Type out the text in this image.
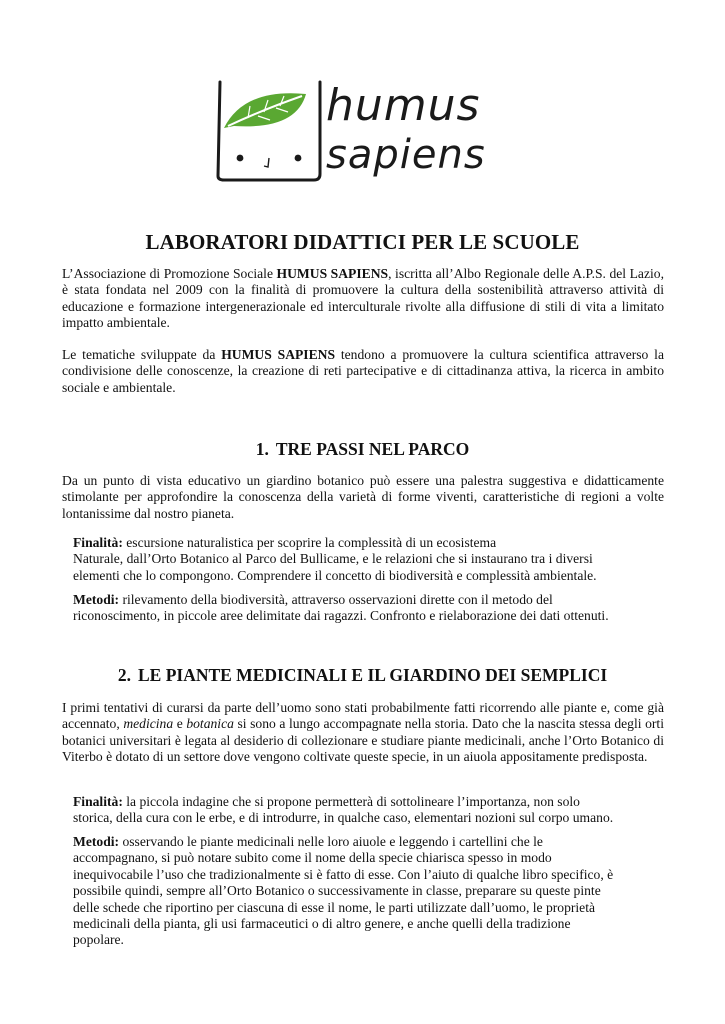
humus
sapiens
LABORATORI DIDATTICI PER LE SCUOLE

L’Associazione di Promozione Sociale HUMUS SAPIENS, iscritta all’Albo Regionale delle A.P.S. del Lazio, è stata fondata nel 2009 con la finalità di promuovere la cultura della sostenibilità attraverso attività di educazione e formazione intergenerazionale ed interculturale rivolte alla diffusione di stili di vita a limitato impatto ambientale.

Le tematiche sviluppate da HUMUS SAPIENS tendono a promuovere la cultura scientifica attraverso la condivisione delle conoscenze, la creazione di reti partecipative e di cittadinanza attiva, la ricerca in ambito sociale e ambientale.

1. TRE PASSI NEL PARCO

Da un punto di vista educativo un giardino botanico può essere una palestra suggestiva e didatticamente stimolante per approfondire la conoscenza della varietà di forme viventi, caratteristiche di regioni a volte lontanissime dal nostro pianeta.

Finalità: escursione naturalistica per scoprire la complessità di un ecosistema
Naturale, dall’Orto Botanico al Parco del Bullicame, e le relazioni che si instaurano tra i diversi
elementi che lo compongono. Comprendere il concetto di biodiversità e complessità ambientale.

Metodi: rilevamento della biodiversità, attraverso osservazioni dirette con il metodo del
riconoscimento, in piccole aree delimitate dai ragazzi. Confronto e rielaborazione dei dati ottenuti.

2. LE PIANTE MEDICINALI E IL GIARDINO DEI SEMPLICI

I primi tentativi di curarsi da parte dell’uomo sono stati probabilmente fatti ricorrendo alle piante e, come già accennato, medicina e botanica si sono a lungo accompagnate nella storia. Dato che la nascita stessa degli orti botanici universitari è legata al desiderio di collezionare e studiare piante medicinali, anche l’Orto Botanico di Viterbo è dotato di un settore dove vengono coltivate queste specie, in un aiuola appositamente predisposta.

Finalità: la piccola indagine che si propone permetterà di sottolineare l’importanza, non solo
storica, della cura con le erbe, e di introdurre, in qualche caso, elementari nozioni sul corpo umano.

Metodi: osservando le piante medicinali nelle loro aiuole e leggendo i cartellini che le
accompagnano, si può notare subito come il nome della specie chiarisca spesso in modo
inequivocabile l’uso che tradizionalmente si è fatto di esse. Con l’aiuto di qualche libro specifico, è
possibile quindi, sempre all’Orto Botanico o successivamente in classe, preparare su queste pinte
delle schede che riportino per ciascuna di esse il nome, le parti utilizzate dall’uomo, le proprietà
medicinali della pianta, gli usi farmaceutici o di altro genere, e anche quelli della tradizione
popolare.
